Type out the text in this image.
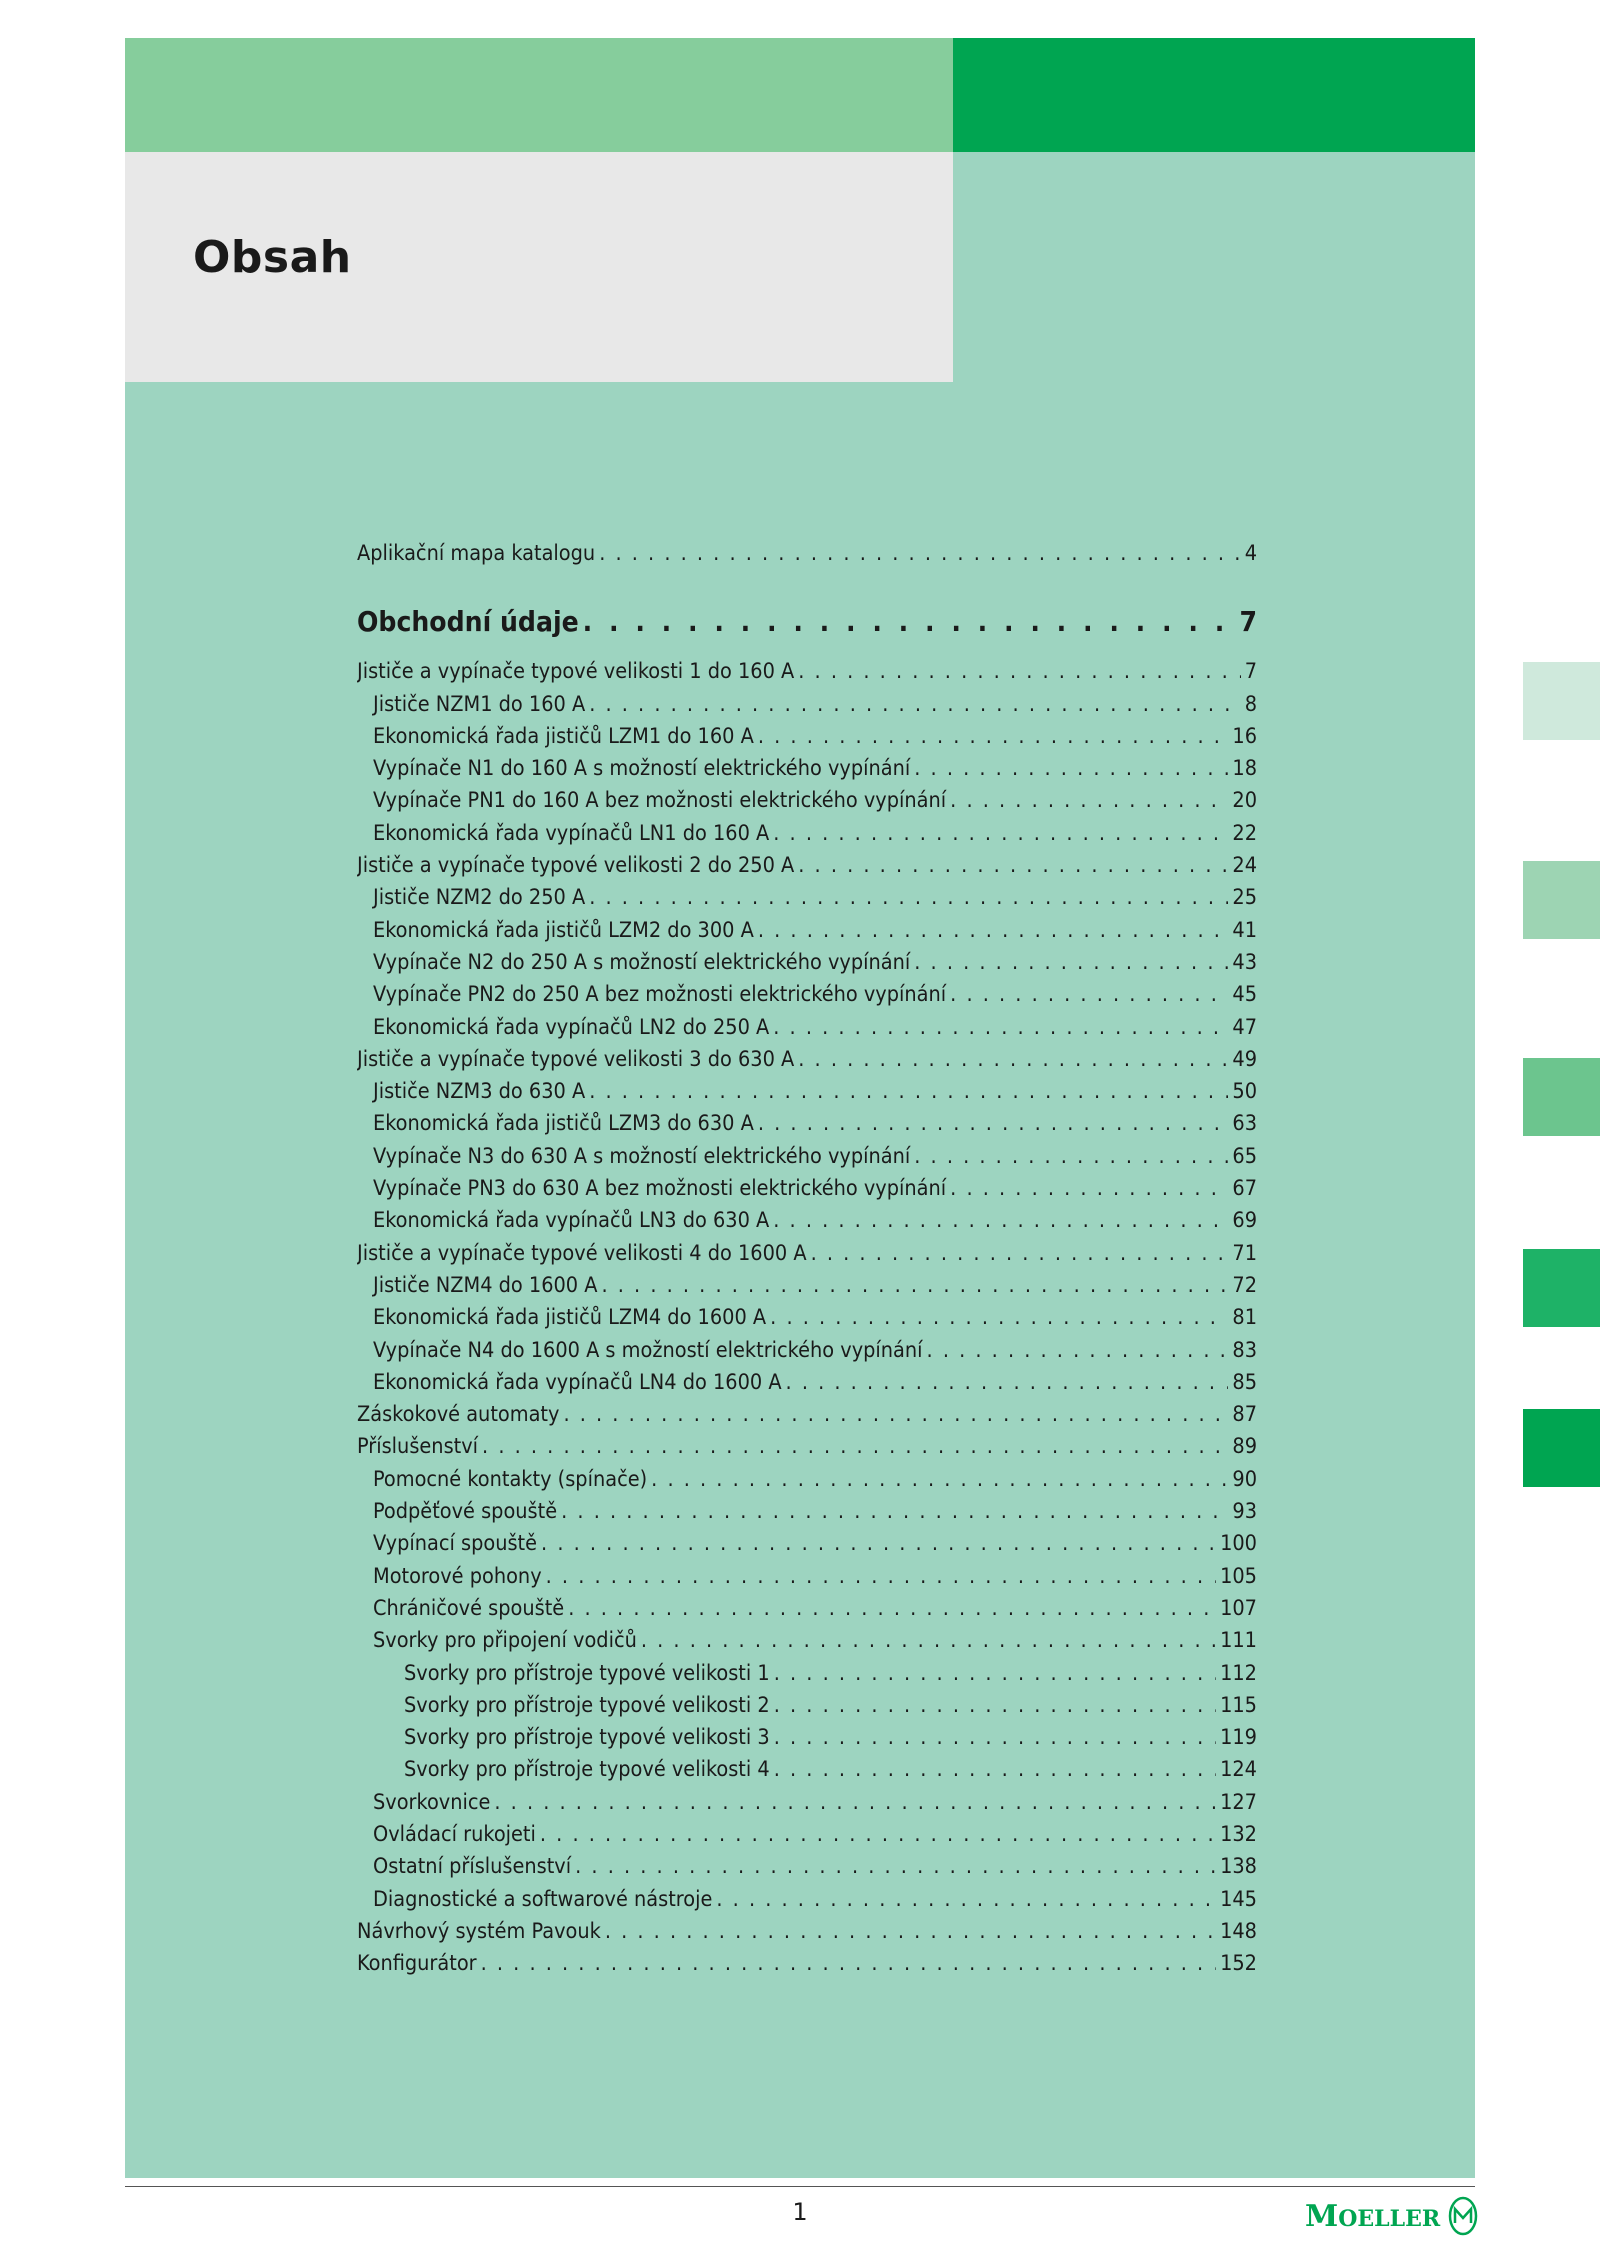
Obsah
Aplikační mapa katalogu . . .	4
Obchodní údaje . . .	7
Jističe a vypínače typové velikosti 1 do 160 A . . .	7
Jističe NZM1 do 160 A . . .	8
Ekonomická řada jističů LZM1 do 160 A . . .	16
Vypínače N1 do 160 A s možností elektrického vypínání . . .	18
Vypínače PN1 do 160 A bez možnosti elektrického vypínání . . .	20
Ekonomická řada vypínačů LN1 do 160 A . . .	22
Jističe a vypínače typové velikosti 2 do 250 A . . .	24
Jističe NZM2 do 250 A . . .	25
Ekonomická řada jističů LZM2 do 300 A . . .	41
Vypínače N2 do 250 A s možností elektrického vypínání . . .	43
Vypínače PN2 do 250 A bez možnosti elektrického vypínání . . .	45
Ekonomická řada vypínačů LN2 do 250 A . . .	47
Jističe a vypínače typové velikosti 3 do 630 A . . .	49
Jističe NZM3 do 630 A . . .	50
Ekonomická řada jističů LZM3 do 630 A . . .	63
Vypínače N3 do 630 A s možností elektrického vypínání . . .	65
Vypínače PN3 do 630 A bez možnosti elektrického vypínání . . .	67
Ekonomická řada vypínačů LN3 do 630 A . . .	69
Jističe a vypínače typové velikosti 4 do 1600 A . . .	71
Jističe NZM4 do 1600 A . . .	72
Ekonomická řada jističů LZM4 do 1600 A . . .	81
Vypínače N4 do 1600 A s možností elektrického vypínání . . .	83
Ekonomická řada vypínačů LN4 do 1600 A . . .	85
Záskokové automaty . . .	87
Příslušenství . . .	89
Pomocné kontakty (spínače) . . .	90
Podpěťové spouště . . .	93
Vypínací spouště . . .	100
Motorové pohony . . .	105
Chráničové spouště . . .	107
Svorky pro připojení vodičů . . .	111
Svorky pro přístroje typové velikosti 1 . . .	112
Svorky pro přístroje typové velikosti 2 . . .	115
Svorky pro přístroje typové velikosti 3 . . .	119
Svorky pro přístroje typové velikosti 4 . . .	124
Svorkovnice . . .	127
Ovládací rukojeti . . .	132
Ostatní příslušenství . . .	138
Diagnostické a softwarové nástroje . . .	145
Návrhový systém Pavouk . . .	148
Konfigurátor . . .	152
1	MOELLER
